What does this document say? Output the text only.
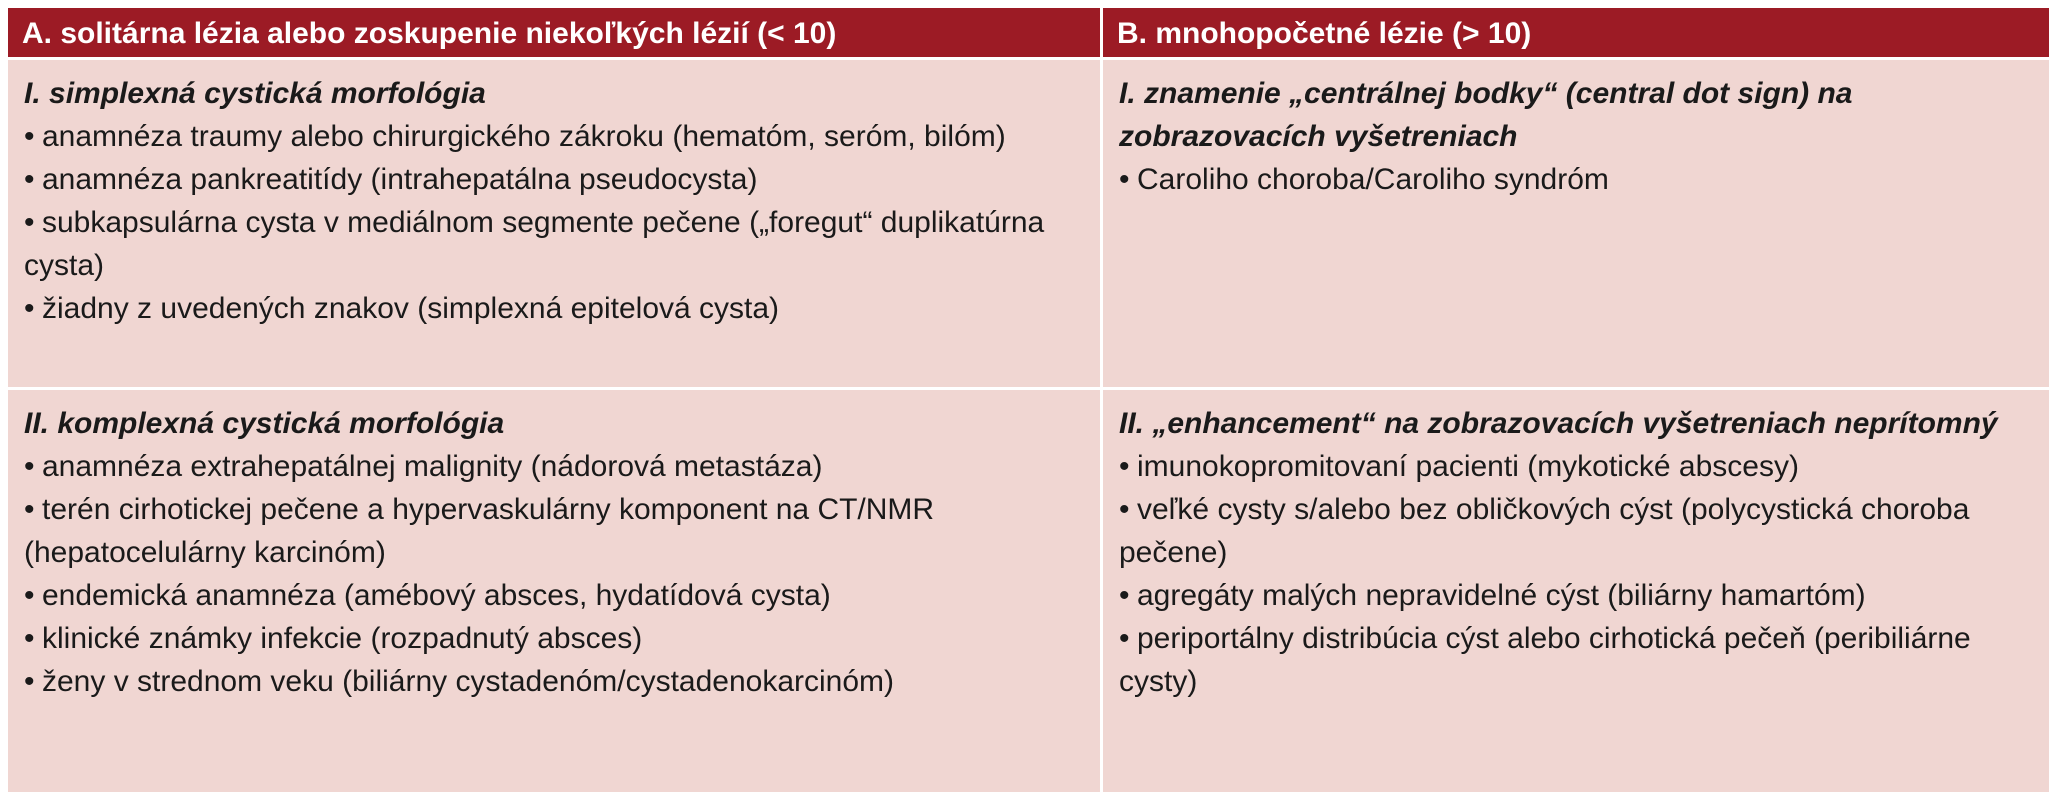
A. solitárna lézia alebo zoskupenie niekoľkých lézií (< 10)	B. mnohopočetné lézie (> 10)

I. simplexná cystická morfológia

• anamnéza traumy alebo chirurgického zákroku (hematóm, seróm, bilóm)
• anamnéza pankreatitídy (intrahepatálna pseudocysta)
• subkapsulárna cysta v mediálnom segmente pečene („foregut“ duplikatúrna cysta)
• žiadny z uvedených znakov (simplexná epitelová cysta)

I. znamenie „centrálnej bodky“ (central dot sign) na zobrazovacích vyšetreniach

• Caroliho choroba/Caroliho syndróm

II. komplexná cystická morfológia

• anamnéza extrahepatálnej malignity (nádorová metastáza)
• terén cirhotickej pečene a hypervaskulárny komponent na CT/NMR (hepatocelulárny karcinóm)
• endemická anamnéza (amébový absces, hydatídová cysta)
• klinické známky infekcie (rozpadnutý absces)
• ženy v strednom veku (biliárny cystadenóm/cystadenokarcinóm)

II. „enhancement“ na zobrazovacích vyšetreniach neprítomný

• imunokopromitovaní pacienti (mykotické abscesy)
• veľké cysty s/alebo bez obličkových cýst (polycystická choroba pečene)
• agregáty malých nepravidelné cýst (biliárny hamartóm)
• periportálny distribúcia cýst alebo cirhotická pečeň (peribiliárne cysty)
